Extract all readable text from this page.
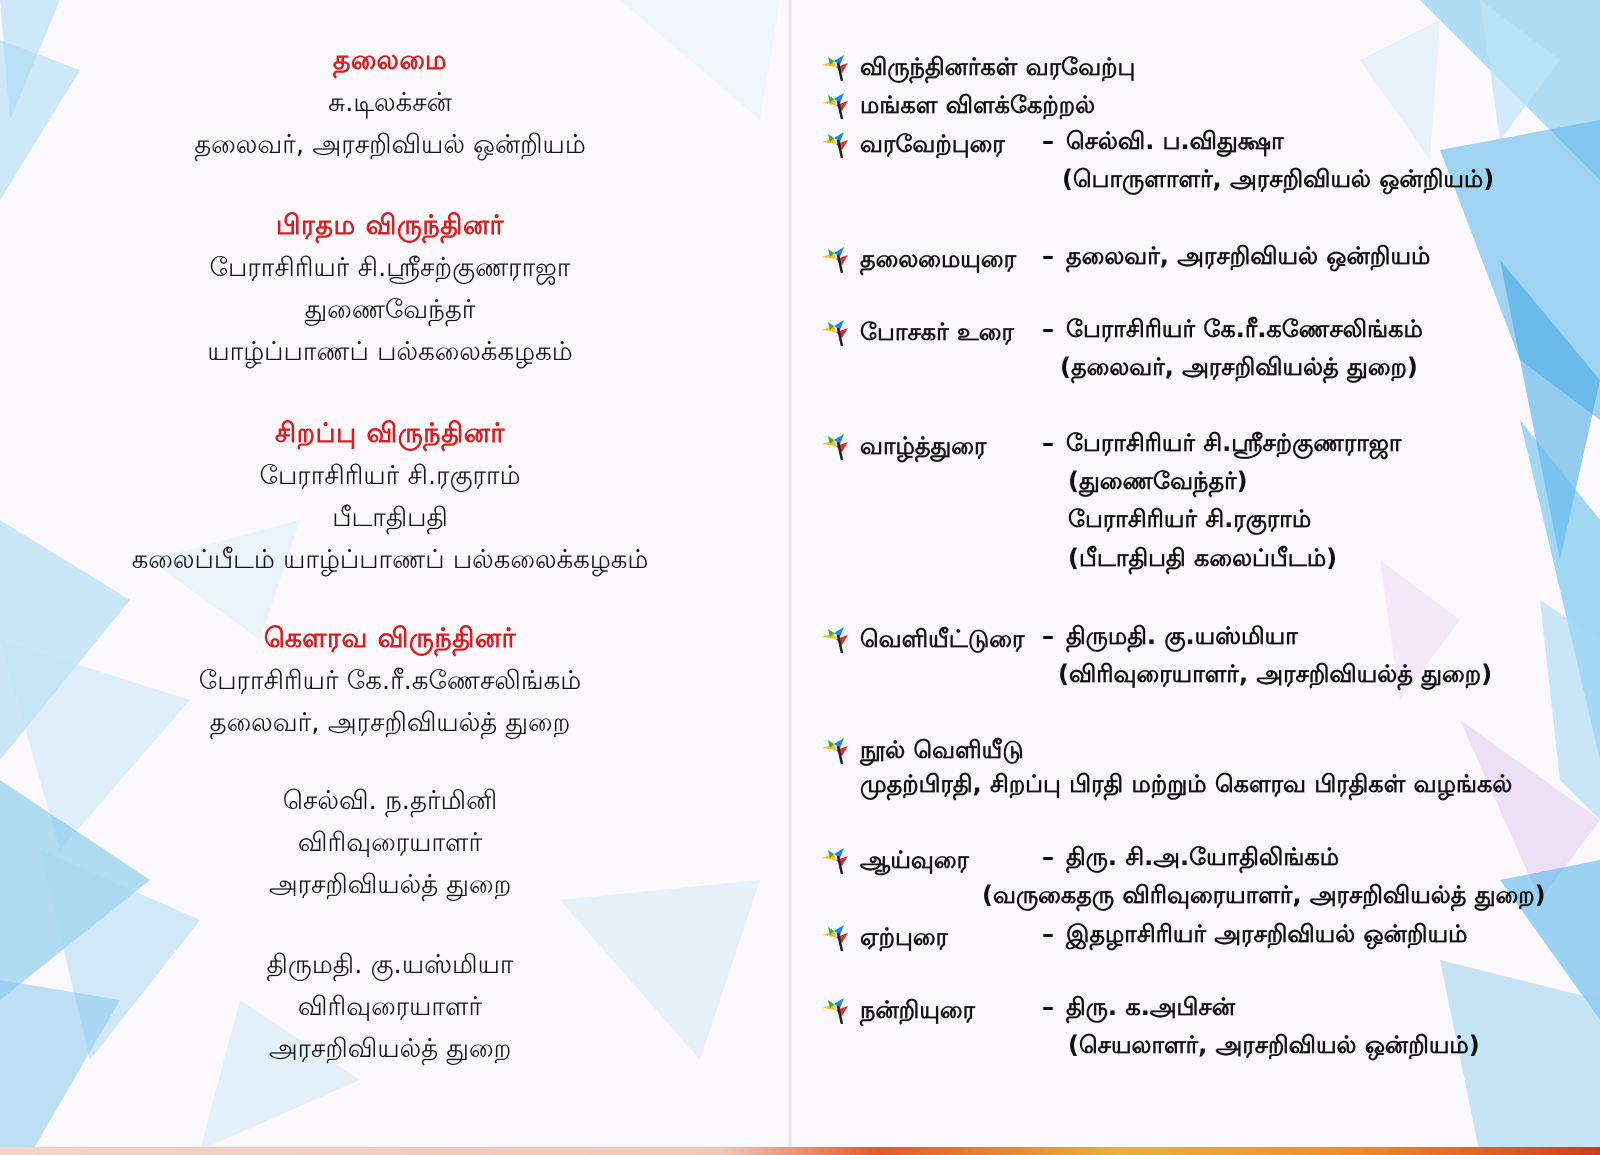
தலைமை
சு.டிலக்சன்
தலைவர், அரசறிவியல் ஒன்றியம்
பிரதம விருந்தினர்
பேராசிரியர் சி.ஸ்ரீசற்குணராஜா
துணைவேந்தர்
யாழ்ப்பாணப் பல்கலைக்கழகம்
சிறப்பு விருந்தினர்
பேராசிரியர் சி.ரகுராம்
பீடாதிபதி
கலைப்பீடம் யாழ்ப்பாணப் பல்கலைக்கழகம்
கௌரவ விருந்தினர்
பேராசிரியர் கே.ரீ.கணேசலிங்கம்
தலைவர், அரசறிவியல்த் துறை
செல்வி. ந.தர்மினி
விரிவுரையாளர்
அரசறிவியல்த் துறை
திருமதி. கு.யஸ்மியா
விரிவுரையாளர்
அரசறிவியல்த் துறை
விருந்தினர்கள் வரவேற்பு
மங்கள விளக்கேற்றல்
வரவேற்புரை – செல்வி. ப.விதுக்ஷா
(பொருளாளர், அரசறிவியல் ஒன்றியம்)
தலைமையுரை – தலைவர், அரசறிவியல் ஒன்றியம்
போசகர் உரை – பேராசிரியர் கே.ரீ.கணேசலிங்கம்
(தலைவர், அரசறிவியல்த் துறை)
வாழ்த்துரை – பேராசிரியர் சி.ஸ்ரீசற்குணராஜா
(துணைவேந்தர்)
பேராசிரியர் சி.ரகுராம்
(பீடாதிபதி கலைப்பீடம்)
வெளியீட்டுரை – திருமதி. கு.யஸ்மியா
(விரிவுரையாளர், அரசறிவியல்த் துறை)
நூல் வெளியீடு
முதற்பிரதி, சிறப்பு பிரதி மற்றும் கௌரவ பிரதிகள் வழங்கல்
ஆய்வுரை	– திரு. சி.அ.யோதிலிங்கம்
(வருகைதரு விரிவுரையாளர், அரசறிவியல்த் துறை)
ஏற்புரை	– இதழாசிரியர் அரசறிவியல் ஒன்றியம்
நன்றியுரை	– திரு. க.அபிசன்
(செயலாளர், அரசறிவியல் ஒன்றியம்)
